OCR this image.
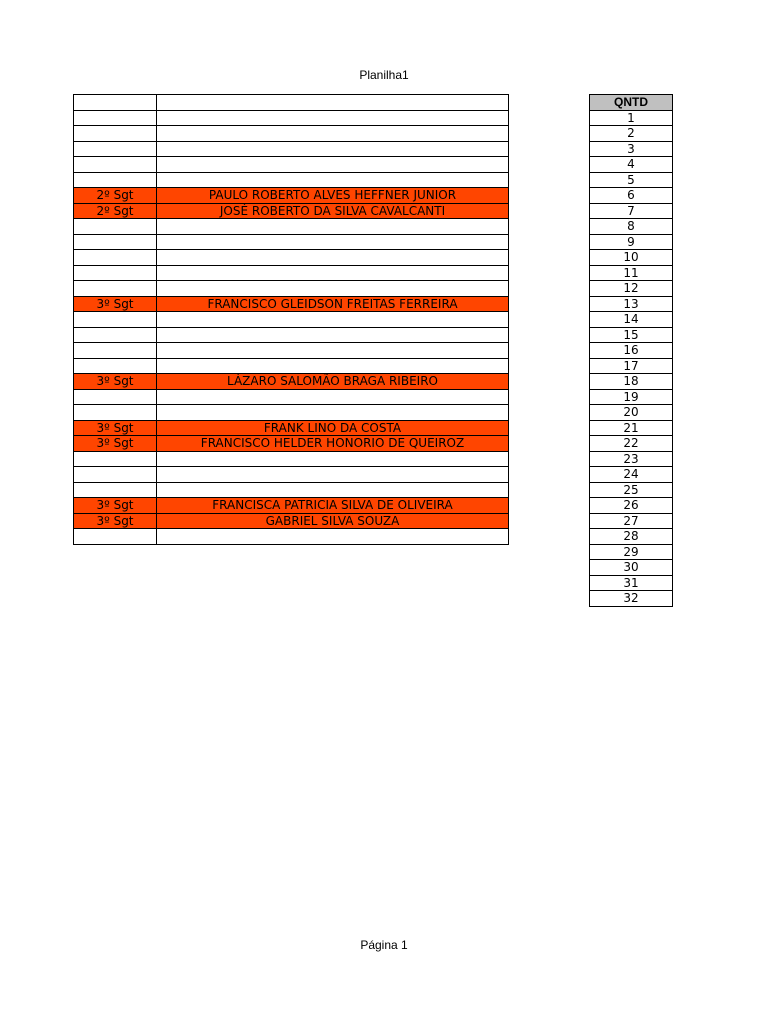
Planilha1

2º Sgt	PAULO ROBERTO ALVES HEFFNER JUNIOR
2º Sgt	JOSÉ ROBERTO DA SILVA CAVALCANTI

3º Sgt	FRANCISCO GLEIDSON FREITAS FERREIRA

3º Sgt	LÁZARO SALOMÃO BRAGA RIBEIRO

3º Sgt	FRANK LINO DA COSTA
3º Sgt	FRANCISCO HELDER HONORIO DE QUEIROZ

3º Sgt	FRANCISCA PATRICIA SILVA DE OLIVEIRA
3º Sgt	GABRIEL SILVA SOUZA

QNTD
1
2
3
4
5
6
7
8
9
10
11
12
13
14
15
16
17
18
19
20
21
22
23
24
25
26
27
28
29
30
31
32
Página 1
